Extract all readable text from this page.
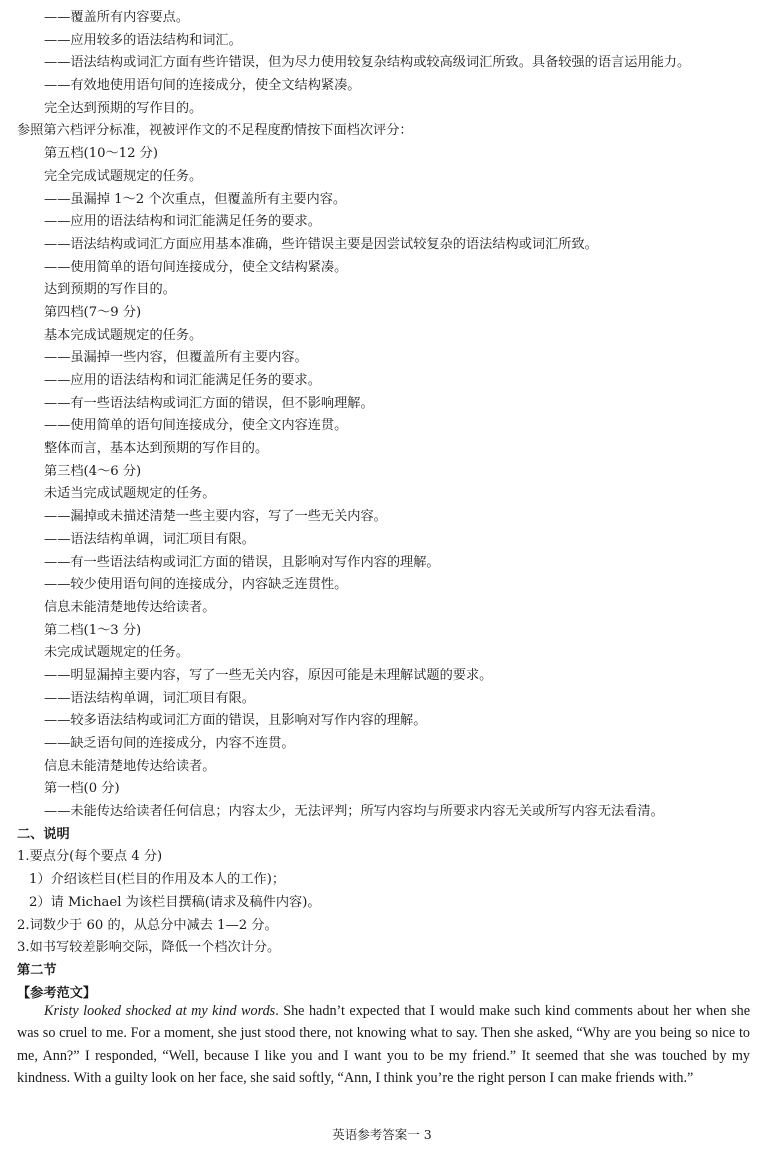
——覆盖所有内容要点。
——应用较多的语法结构和词汇。
——语法结构或词汇方面有些许错误，但为尽力使用较复杂结构或较高级词汇所致。具备较强的语言运用能力。
——有效地使用语句间的连接成分，使全文结构紧凑。
完全达到预期的写作目的。
参照第六档评分标准，视被评作文的不足程度酌情按下面档次评分：
第五档(10～12 分)
完全完成试题规定的任务。
——虽漏掉 1～2 个次重点，但覆盖所有主要内容。
——应用的语法结构和词汇能满足任务的要求。
——语法结构或词汇方面应用基本准确，些许错误主要是因尝试较复杂的语法结构或词汇所致。
——使用简单的语句间连接成分，使全文结构紧凑。
达到预期的写作目的。
第四档(7～9 分)
基本完成试题规定的任务。
——虽漏掉一些内容，但覆盖所有主要内容。
——应用的语法结构和词汇能满足任务的要求。
——有一些语法结构或词汇方面的错误，但不影响理解。
——使用简单的语句间连接成分，使全文内容连贯。
整体而言，基本达到预期的写作目的。
第三档(4～6 分)
未适当完成试题规定的任务。
——漏掉或未描述清楚一些主要内容，写了一些无关内容。
——语法结构单调，词汇项目有限。
——有一些语法结构或词汇方面的错误，且影响对写作内容的理解。
——较少使用语句间的连接成分，内容缺乏连贯性。
信息未能清楚地传达给读者。
第二档(1～3 分)
未完成试题规定的任务。
——明显漏掉主要内容，写了一些无关内容，原因可能是未理解试题的要求。
——语法结构单调，词汇项目有限。
——较多语法结构或词汇方面的错误，且影响对写作内容的理解。
——缺乏语句间的连接成分，内容不连贯。
信息未能清楚地传达给读者。
第一档(0 分)
——未能传达给读者任何信息；内容太少，无法评判；所写内容均与所要求内容无关或所写内容无法看清。
二、说明
1.要点分(每个要点 4 分)
1）介绍该栏目(栏目的作用及本人的工作)；
2）请 Michael 为该栏目撰稿(请求及稿件内容)。
2.词数少于 60 的，从总分中减去 1—2 分。
3.如书写较差影响交际，降低一个档次计分。
第二节
【参考范文】

Kristy looked shocked at my kind words. She hadn’t expected that I would make such kind comments about her when she was so cruel to me. For a moment, she just stood there, not knowing what to say. Then she asked, “Why are you being so nice to me, Ann?” I responded, “Well, because I like you and I want you to be my friend.” It seemed that she was touched by my kindness. With a guilty look on her face, she said softly, “Ann, I think you’re the right person I can make friends with.”

英语参考答案一 3
